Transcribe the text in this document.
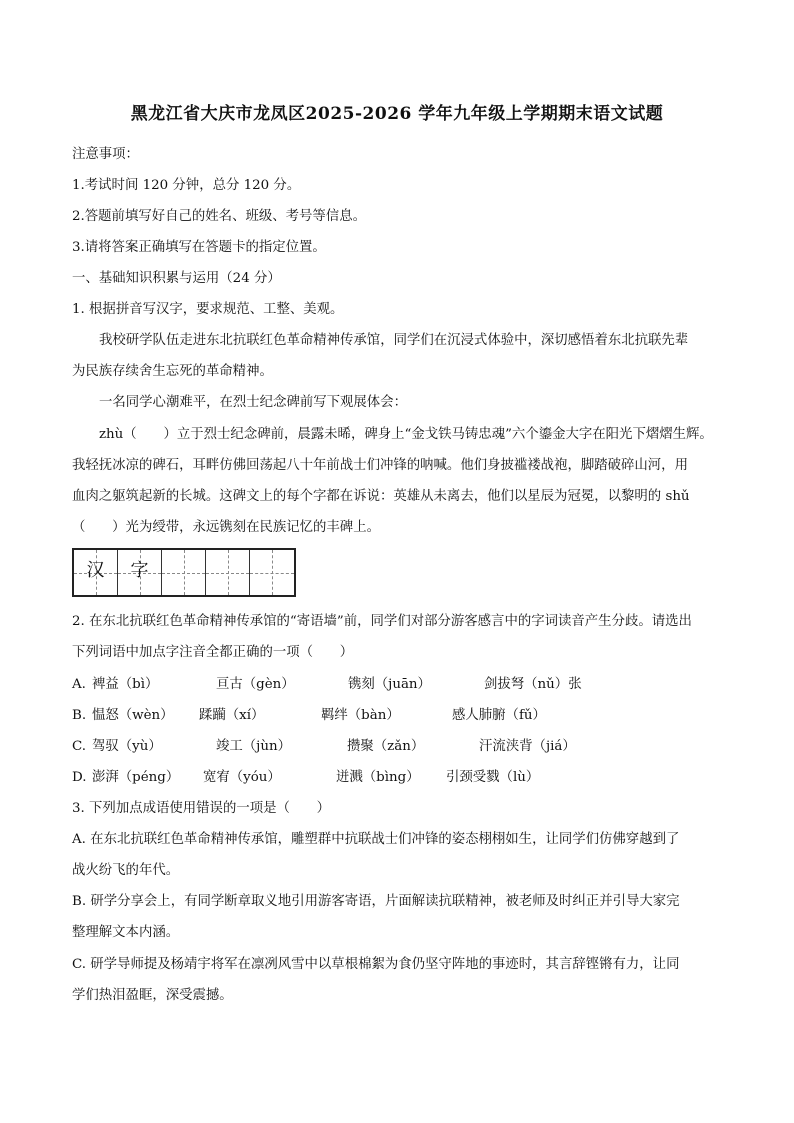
黑龙江省大庆市龙凤区2025-2026 学年九年级上学期期末语文试题
注意事项：
1.考试时间 120 分钟，总分 120 分。
2.答题前填写好自己的姓名、班级、考号等信息。
3.请将答案正确填写在答题卡的指定位置。
一、基础知识积累与运用（24 分）
1. 根据拼音写汉字，要求规范、工整、美观。
我校研学队伍走进东北抗联红色革命精神传承馆，同学们在沉浸式体验中，深切感悟着东北抗联先辈
为民族存续舍生忘死的革命精神。
一名同学心潮难平，在烈士纪念碑前写下观展体会：
zhù（　　）立于烈士纪念碑前，晨露未晞，碑身上“金戈铁马铸忠魂”六个鎏金大字在阳光下熠熠生辉。
我轻抚冰凉的碑石，耳畔仿佛回荡起八十年前战士们冲锋的呐喊。他们身披褴褛战袍，脚踏破碎山河，用
血肉之躯筑起新的长城。这碑文上的每个字都在诉说：英雄从未离去，他们以星辰为冠冕，以黎明的 shǔ
（　　）光为绶带，永远镌刻在民族记忆的丰碑上。
汉	字
2. 在东北抗联红色革命精神传承馆的“寄语墙”前，同学们对部分游客感言中的字词读音产生分歧。请选出
下列词语中加点字注音全都正确的一项（　　）
A. 裨益（bì）	亘古（gèn）	镌刻（juān）	剑拔弩（nǔ）张
B. 愠怒（wèn） 蹂躏（xí）	羁绊（bàn）	感人肺腑（fǔ）
C. 驾驭（yù）	竣工（jùn）	攒聚（zǎn）	汗流浃背（jiá）
D. 澎湃（péng） 宽宥（yóu）	迸溅（bìng） 引颈受戮（lù）
3. 下列加点成语使用错误的一项是（　　）
A. 在东北抗联红色革命精神传承馆，雕塑群中抗联战士们冲锋的姿态栩栩如生，让同学们仿佛穿越到了
战火纷飞的年代。
B. 研学分享会上，有同学断章取义地引用游客寄语，片面解读抗联精神，被老师及时纠正并引导大家完
整理解文本内涵。
C. 研学导师提及杨靖宇将军在凛冽风雪中以草根棉絮为食仍坚守阵地的事迹时，其言辞铿锵有力，让同
学们热泪盈眶，深受震撼。
